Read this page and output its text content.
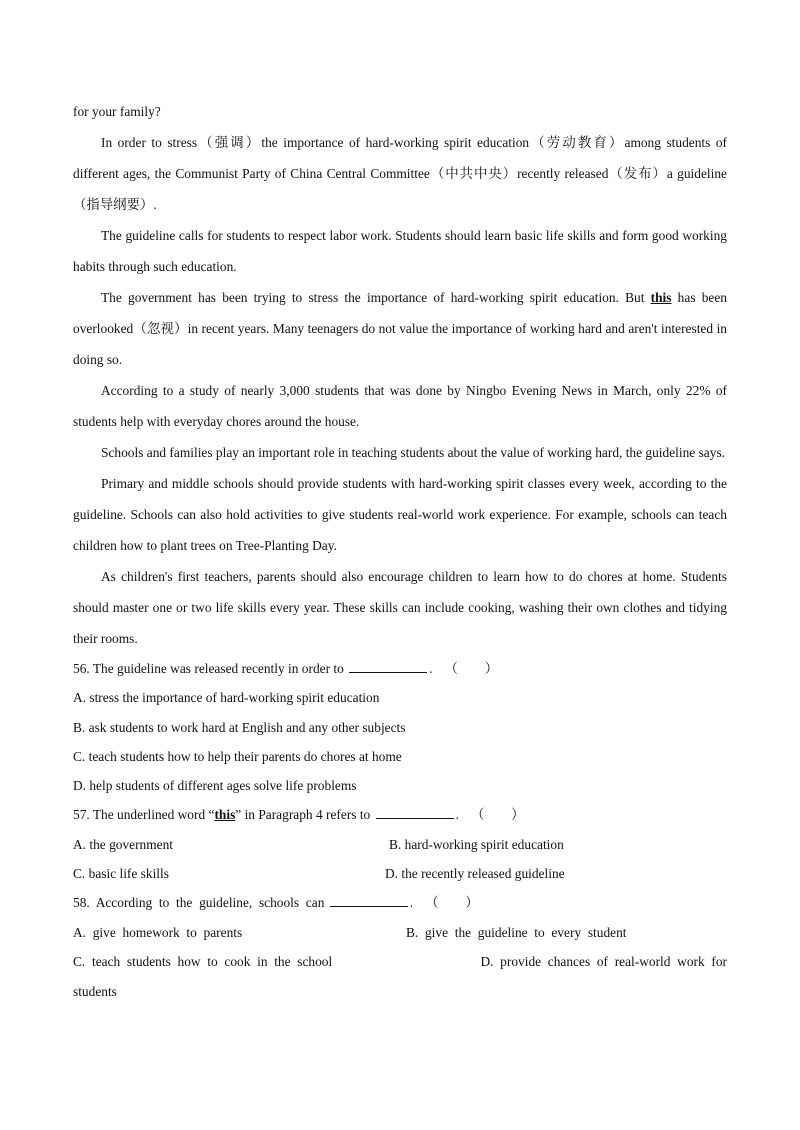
for your family?

In order to stress（强调）the importance of hard-working spirit education（劳动教育）among students of different ages, the Communist Party of China Central Committee（中共中央）recently released（发布）a guideline（指导纲要）.

The guideline calls for students to respect labor work. Students should learn basic life skills and form good working habits through such education.

The government has been trying to stress the importance of hard-working spirit education. But this has been overlooked（忽视）in recent years. Many teenagers do not value the importance of working hard and aren't interested in doing so.

According to a study of nearly 3,000 students that was done by Ningbo Evening News in March, only 22% of students help with everyday chores around the house.

Schools and families play an important role in teaching students about the value of working hard, the guideline says.

Primary and middle schools should provide students with hard-working spirit classes every week, according to the guideline. Schools can also hold activities to give students real-world work experience. For example, schools can teach children how to plant trees on Tree-Planting Day.

As children's first teachers, parents should also encourage children to learn how to do chores at home. Students should master one or two life skills every year. These skills can include cooking, washing their own clothes and tidying their rooms.

56. The guideline was released recently in order to	. （　　）

A. stress the importance of hard-working spirit education

B. ask students to work hard at English and any other subjects

C. teach students how to help their parents do chores at home

D. help students of different ages solve life problems

57. The underlined word “this” in Paragraph 4 refers to	. （　　）

A. the government	B. hard-working spirit education
C. basic life skills	D. the recently released guideline

58.  According  to  the  guideline,  schools  can	. （　　）

A.  give  homework  to  parents	B.  give  the  guideline  to  every  student
C.  teach  students  how  to  cook  in  the  school	D.  provide  chances  of  real-world  work  for

students
